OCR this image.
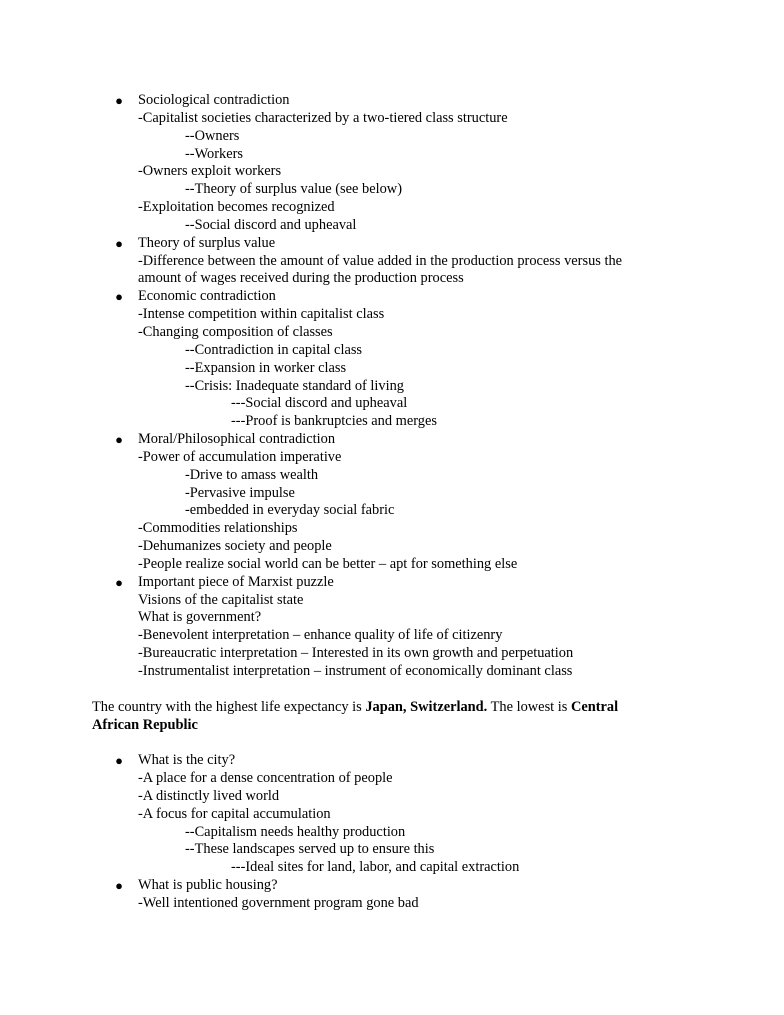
● Sociological contradiction
-Capitalist societies characterized by a two-tiered class structure
--Owners
--Workers
-Owners exploit workers
--Theory of surplus value (see below)
-Exploitation becomes recognized
--Social discord and upheaval
● Theory of surplus value
-Difference between the amount of value added in the production process versus the
amount of wages received during the production process
● Economic contradiction
-Intense competition within capitalist class
-Changing composition of classes
--Contradiction in capital class
--Expansion in worker class
--Crisis: Inadequate standard of living
---Social discord and upheaval
---Proof is bankruptcies and merges
● Moral/Philosophical contradiction
-Power of accumulation imperative
-Drive to amass wealth
-Pervasive impulse
-embedded in everyday social fabric
-Commodities relationships
-Dehumanizes society and people
-People realize social world can be better – apt for something else
● Important piece of Marxist puzzle
Visions of the capitalist state
What is government?
-Benevolent interpretation – enhance quality of life of citizenry
-Bureaucratic interpretation – Interested in its own growth and perpetuation
-Instrumentalist interpretation – instrument of economically dominant class
The country with the highest life expectancy is Japan, Switzerland. The lowest is Central
African Republic
● What is the city?
-A place for a dense concentration of people
-A distinctly lived world
-A focus for capital accumulation
--Capitalism needs healthy production
--These landscapes served up to ensure this
---Ideal sites for land, labor, and capital extraction
● What is public housing?
-Well intentioned government program gone bad
